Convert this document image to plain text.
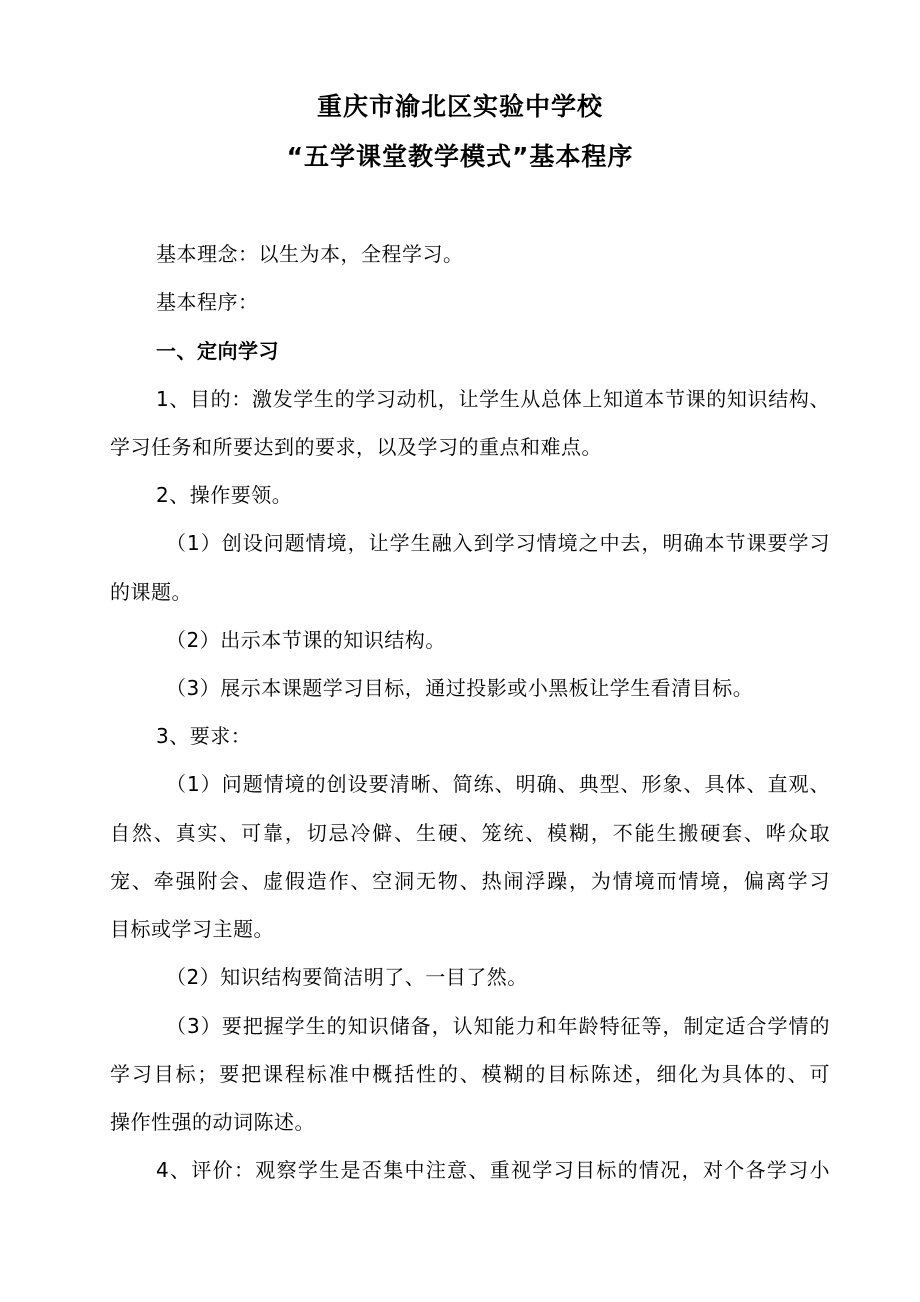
重庆市渝北区实验中学校
“五学课堂教学模式”基本程序
基本理念：以生为本，全程学习。
基本程序：
一、定向学习
1、目的：激发学生的学习动机，让学生从总体上知道本节课的知识结构、
学习任务和所要达到的要求，以及学习的重点和难点。
2、操作要领。
（1）创设问题情境，让学生融入到学习情境之中去，明确本节课要学习
的课题。
（2）出示本节课的知识结构。
（3）展示本课题学习目标，通过投影或小黑板让学生看清目标。
3、要求：
（1）问题情境的创设要清晰、简练、明确、典型、形象、具体、直观、
自然、真实、可靠，切忌冷僻、生硬、笼统、模糊，不能生搬硬套、哗众取
宠、牵强附会、虚假造作、空洞无物、热闹浮躁，为情境而情境，偏离学习
目标或学习主题。
（2）知识结构要简洁明了、一目了然。
（3）要把握学生的知识储备，认知能力和年龄特征等，制定适合学情的
学习目标；要把课程标准中概括性的、模糊的目标陈述，细化为具体的、可
操作性强的动词陈述。
4、评价：观察学生是否集中注意、重视学习目标的情况，对个各学习小
